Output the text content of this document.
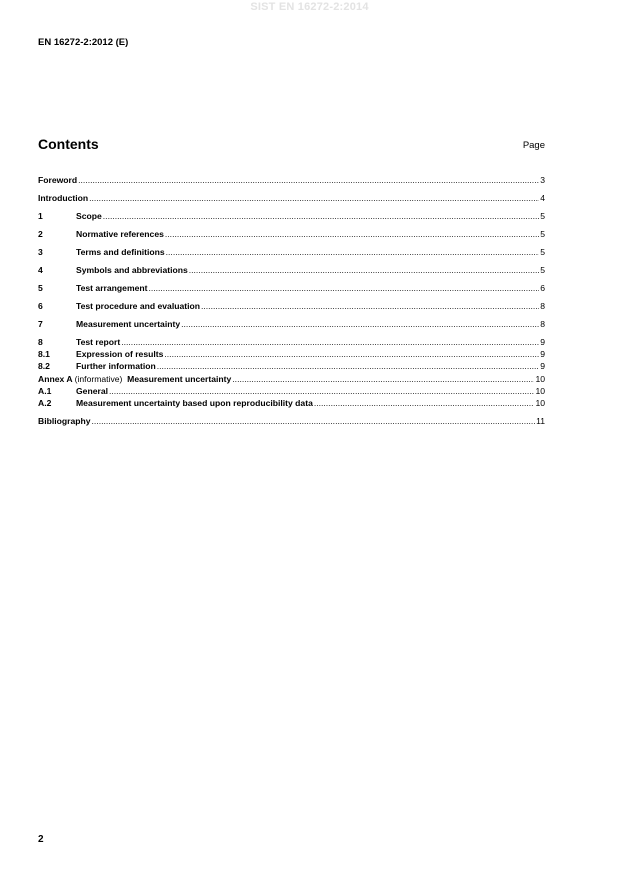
SIST EN 16272-2:2014
EN 16272-2:2012 (E)
Contents	Page
Foreword .....	3
Introduction .....	4
1	Scope .....	5
2	Normative references .....	5
3	Terms and definitions .....	5
4	Symbols and abbreviations .....	5
5	Test arrangement .....	6
6	Test procedure and evaluation .....	8
7	Measurement uncertainty .....	8
8	Test report .....	9
8.1	Expression of results .....	9
8.2	Further information .....	9
Annex A (informative) Measurement uncertainty .....	10
A.1	General .....	10
A.2	Measurement uncertainty based upon reproducibility data .....	10
Bibliography .....	11
2
